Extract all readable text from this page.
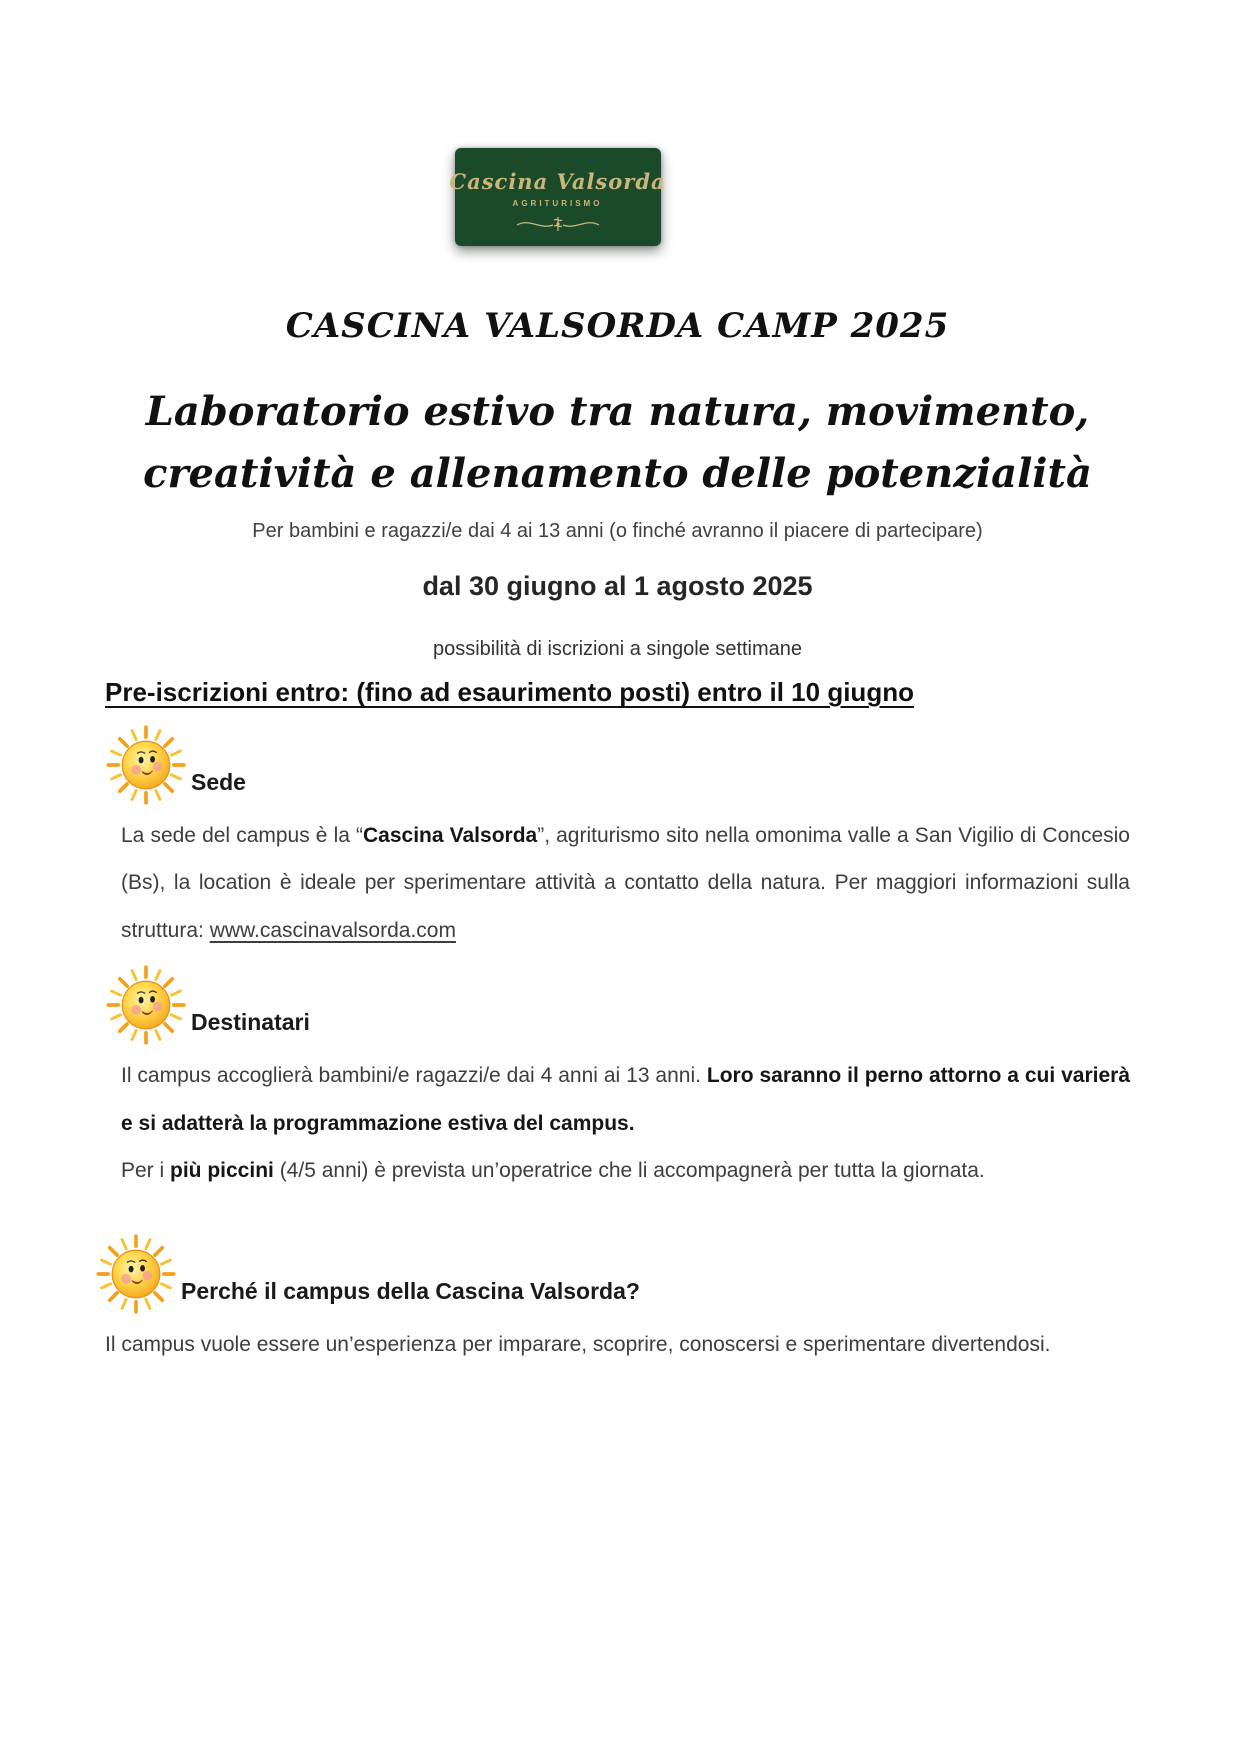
Cascina Valsorda
AGRITURISMO
CASCINA VALSORDA CAMP 2025
Laboratorio estivo tra natura, movimento,
creatività e allenamento delle potenzialità
Per bambini e ragazzi/e dai 4 ai 13 anni (o finché avranno il piacere di partecipare)
dal 30 giugno al 1 agosto 2025
possibilità di iscrizioni a singole settimane
Pre-iscrizioni entro: (fino ad esaurimento posti) entro il 10 giugno
Sede

La sede del campus è la “Cascina Valsorda”, agriturismo sito nella omonima valle a San Vigilio di Concesio (Bs), la location è ideale per sperimentare attività a contatto della natura. Per maggiori informazioni sulla struttura: www.cascinavalsorda.com

Destinatari

Il campus accoglierà bambini/e ragazzi/e dai 4 anni ai 13 anni. Loro saranno il perno attorno a cui varierà e si adatterà la programmazione estiva del campus.

Per i più piccini (4/5 anni) è prevista un’operatrice che li accompagnerà per tutta la giornata.

Perché il campus della Cascina Valsorda?

Il campus vuole essere un’esperienza per imparare, scoprire, conoscersi e sperimentare divertendosi.
